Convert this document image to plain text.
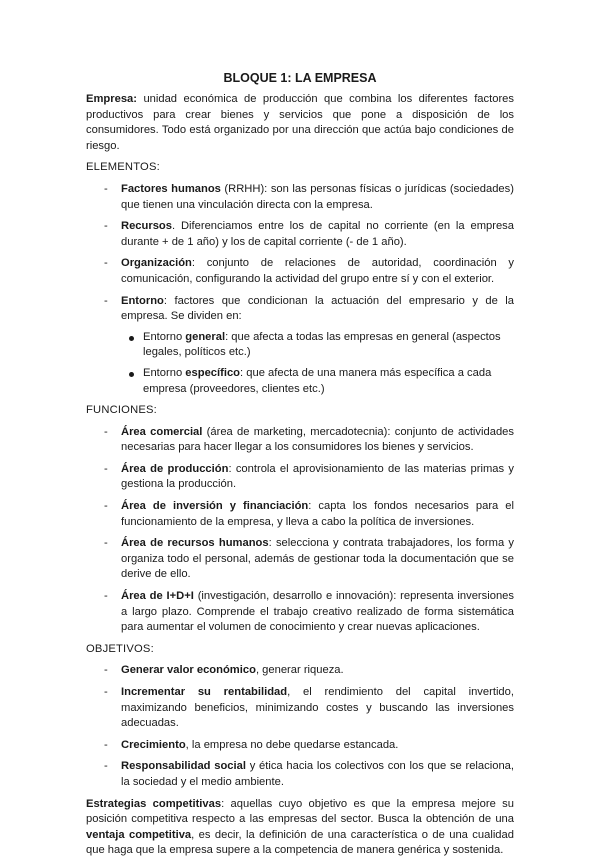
BLOQUE 1: LA EMPRESA

Empresa: unidad económica de producción que combina los diferentes factores productivos para crear bienes y servicios que pone a disposición de los consumidores. Todo está organizado por una dirección que actúa bajo condiciones de riesgo.

ELEMENTOS:

- Factores humanos (RRHH): son las personas físicas o jurídicas (sociedades) que tienen una vinculación directa con la empresa.
- Recursos. Diferenciamos entre los de capital no corriente (en la empresa durante + de 1 año) y los de capital corriente (- de 1 año).
- Organización: conjunto de relaciones de autoridad, coordinación y comunicación, configurando la actividad del grupo entre sí y con el exterior.
- Entorno: factores que condicionan la actuación del empresario y de la empresa. Se dividen en:
Entorno general: que afecta a todas las empresas en general (aspectos legales, políticos etc.)
Entorno específico: que afecta de una manera más específica a cada empresa (proveedores, clientes etc.)

FUNCIONES:

- Área comercial (área de marketing, mercadotecnia): conjunto de actividades necesarias para hacer llegar a los consumidores los bienes y servicios.
- Área de producción: controla el aprovisionamiento de las materias primas y gestiona la producción.
- Área de inversión y financiación: capta los fondos necesarios para el funcionamiento de la empresa, y lleva a cabo la política de inversiones.
- Área de recursos humanos: selecciona y contrata trabajadores, los forma y organiza todo el personal, además de gestionar toda la documentación que se derive de ello.
- Área de I+D+I (investigación, desarrollo e innovación): representa inversiones a largo plazo. Comprende el trabajo creativo realizado de forma sistemática para aumentar el volumen de conocimiento y crear nuevas aplicaciones.

OBJETIVOS:

- Generar valor económico, generar riqueza.
- Incrementar su rentabilidad, el rendimiento del capital invertido, maximizando beneficios, minimizando costes y buscando las inversiones adecuadas.
- Crecimiento, la empresa no debe quedarse estancada.
- Responsabilidad social y ética hacia los colectivos con los que se relaciona, la sociedad y el medio ambiente.

Estrategias competitivas: aquellas cuyo objetivo es que la empresa mejore su posición competitiva respecto a las empresas del sector. Busca la obtención de una ventaja competitiva, es decir, la definición de una característica o de una cualidad que haga que la empresa supere a la competencia de manera genérica y sostenida.
